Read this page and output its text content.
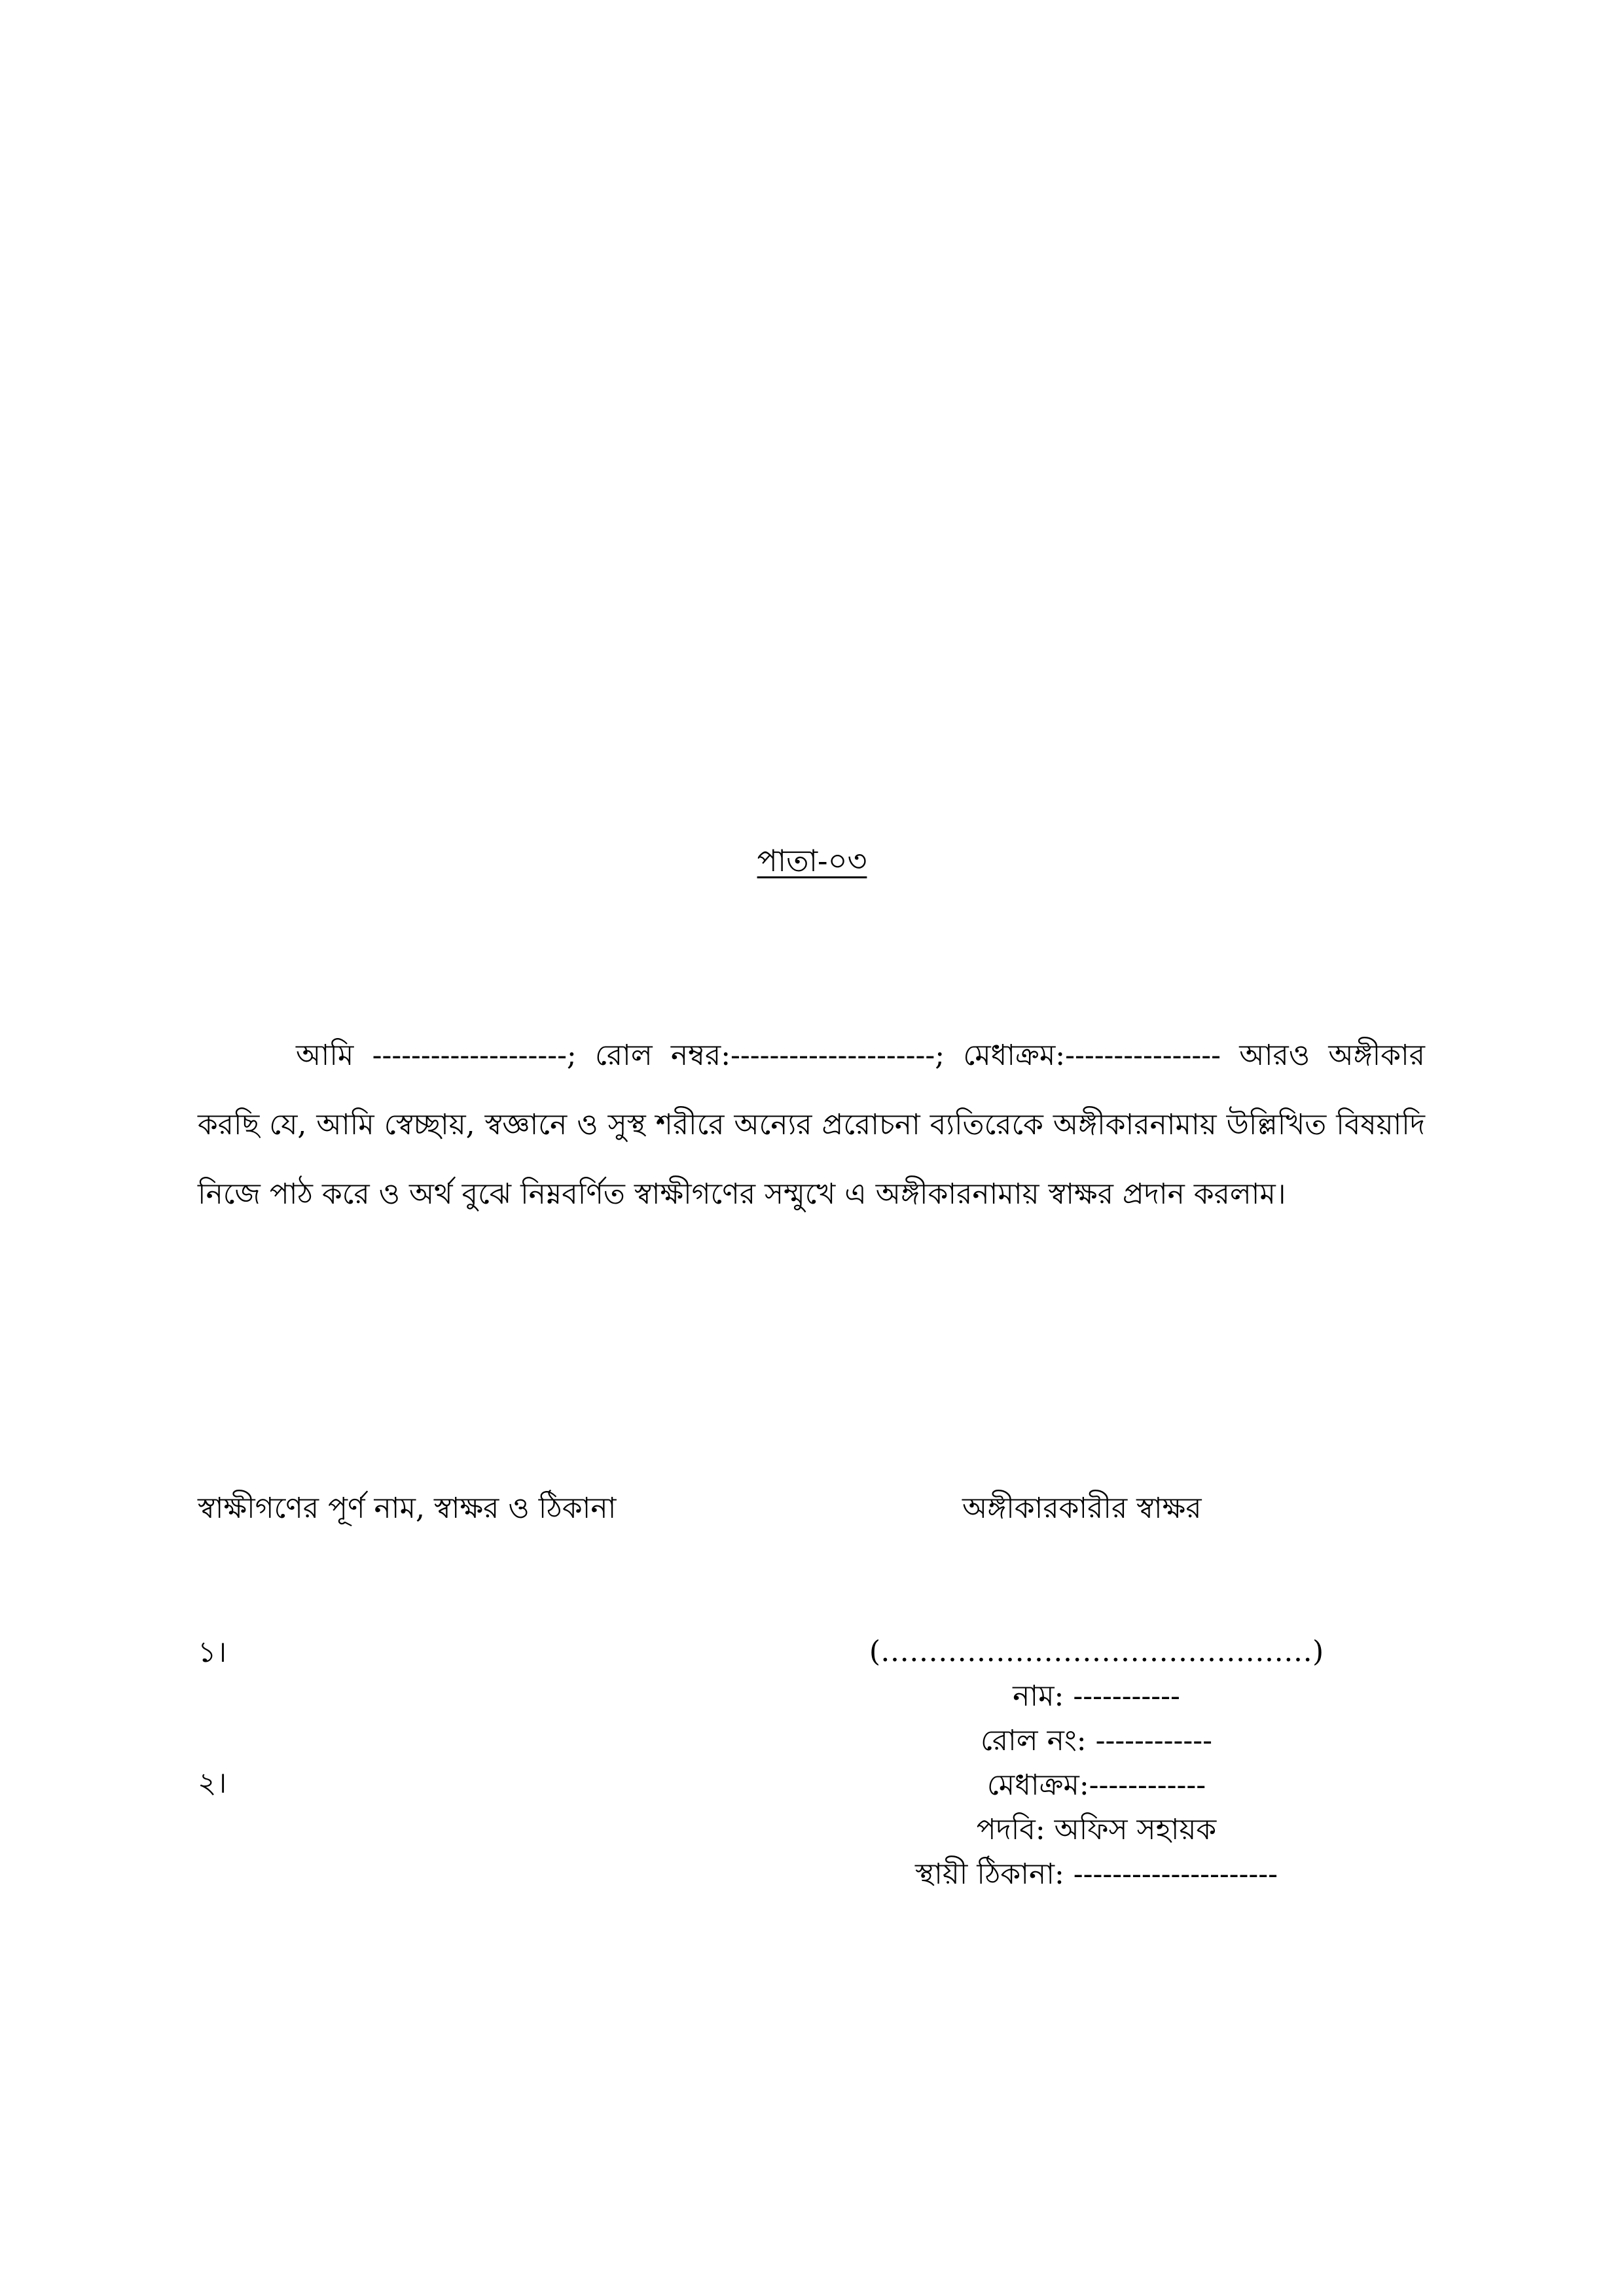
পাতা-০৩

আমি --------------------; রোল নম্বর:---------------------; মেধাক্রম:---------------- আরও অঙ্গীকার করছি যে, আমি স্বেচ্ছায়, স্বজ্ঞানে ও সুস্থ শরীরে অন্যের প্ররোচনা ব্যতিরেকে অঙ্গীকারনামায় উল্লিখিত বিষয়াদি নিজে পাঠ করে ও অর্থ বুঝে নিম্নবর্ণিত স্বাক্ষীগণের সম্মুখে এ অঙ্গীকারনামায় স্বাক্ষর প্রদান করলাম।

স্বাক্ষীগণের পূর্ণ নাম, স্বাক্ষর ও ঠিকানা	অঙ্গীকারকারীর স্বাক্ষর
১।
২।
(………………………………………)
নাম: -----------
রোল নং: ------------
মেধাক্রম:------------
পদবি: অফিস সহায়ক
স্থায়ী ঠিকানা: ---------------------
